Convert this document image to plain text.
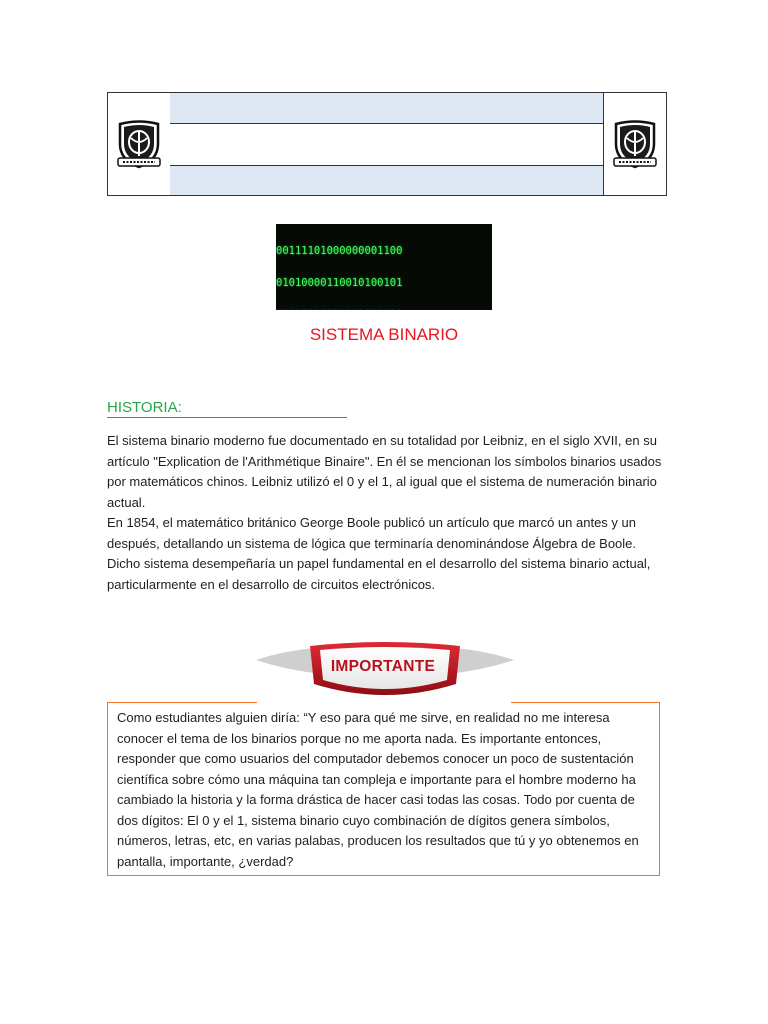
00111101000000001100

01010000110010100101

SISTEMA BINARIO
HISTORIA:
El sistema binario moderno fue documentado en su totalidad por Leibniz, en el siglo XVII, en su artículo "Explication de l'Arithmétique Binaire". En él se mencionan los símbolos binarios usados por matemáticos chinos. Leibniz utilizó el 0 y el 1, al igual que el sistema de numeración binario actual.
En 1854, el matemático británico George Boole publicó un artículo que marcó un antes y un después, detallando un sistema de lógica que terminaría denominándose Álgebra de Boole. Dicho sistema desempeñaría un papel fundamental en el desarrollo del sistema binario actual, particularmente en el desarrollo de circuitos electrónicos.
IMPORTANTE
Como estudiantes alguien diría: “Y eso para qué me sirve, en realidad no me interesa conocer el tema de los binarios porque no me aporta nada. Es importante entonces, responder que como usuarios del computador debemos conocer un poco de sustentación científica sobre cómo una máquina tan compleja e importante para el hombre moderno ha cambiado la historia y la forma drástica de hacer casi todas las cosas. Todo por cuenta de dos dígitos: El 0 y el 1, sistema binario cuyo combinación de dígitos genera símbolos, números, letras, etc, en varias palabas, producen los resultados que tú y yo obtenemos en pantalla, importante, ¿verdad?
